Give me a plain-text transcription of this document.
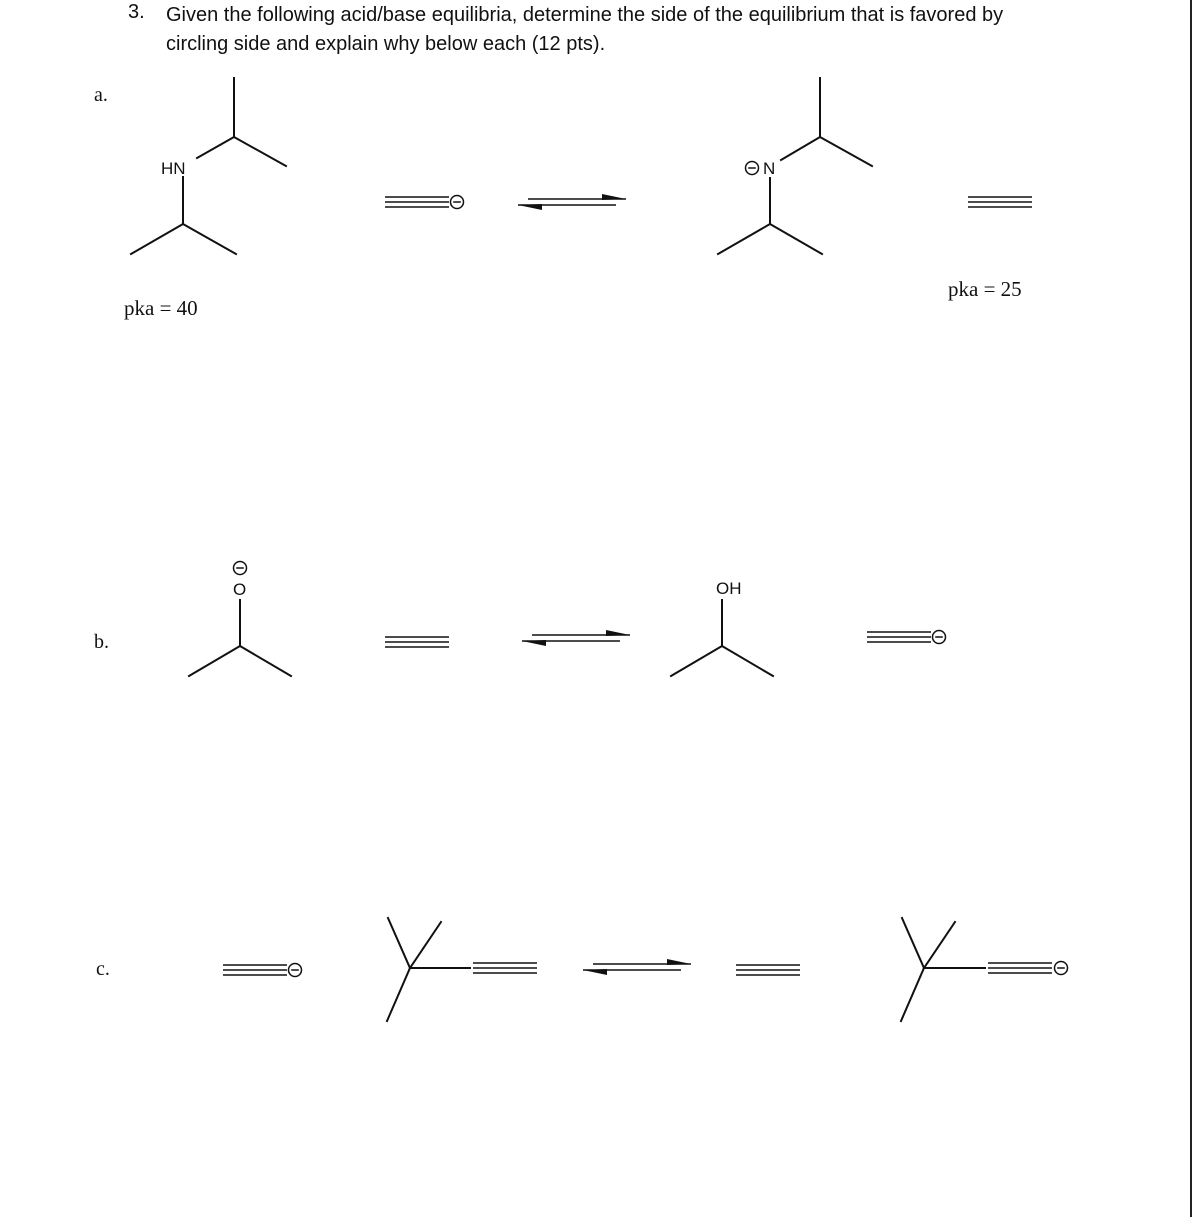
3. Given the following acid/base equilibria, determine the side of the equilibrium that is favored by
circling side and explain why below each (12 pts).
a.
b.
c.
pka = 40
pka = 25
HN	N
O	OH
